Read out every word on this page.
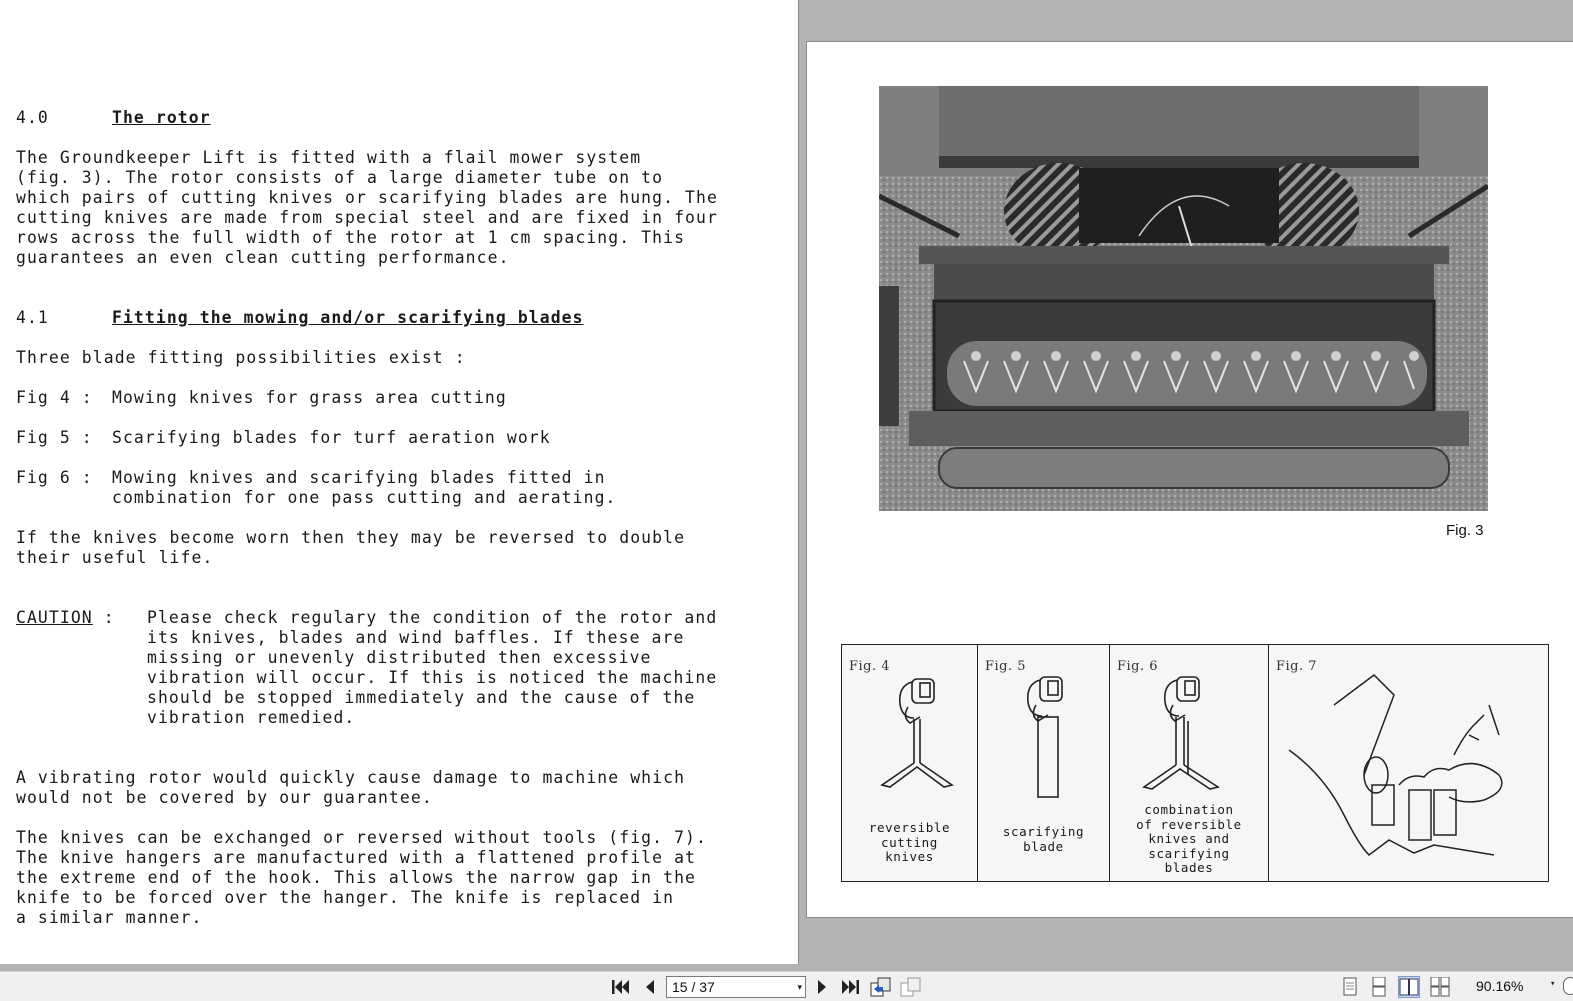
4.0	The rotor

The Groundkeeper Lift is fitted with a flail mower system
(fig. 3). The rotor consists of a large diameter tube on to
which pairs of cutting knives or scarifying blades are hung. The
cutting knives are made from special steel and are fixed in four
rows across the full width of the rotor at 1 cm spacing. This
guarantees an even clean cutting performance.

4.1	Fitting the mowing and/or scarifying blades

Three blade fitting possibilities exist :

Fig 4 :	Mowing knives for grass area cutting

Fig 5 :	Scarifying blades for turf aeration work

Fig 6 :	Mowing knives and scarifying blades fitted in
combination for one pass cutting and aerating.

If the knives become worn then they may be reversed to double
their useful life.

CAUTION :	Please check regulary the condition of the rotor and
its knives, blades and wind baffles. If these are
missing or unevenly distributed then excessive
vibration will occur. If this is noticed the machine
should be stopped immediately and the cause of the
vibration remedied.

A vibrating rotor would quickly cause damage to machine which
would not be covered by our guarantee.

The knives can be exchanged or reversed without tools (fig. 7).
The knive hangers are manufactured with a flattened profile at
the extreme end of the hook. This allows the narrow gap in the
knife to be forced over the hanger. The knife is replaced in
a similar manner.

Fig. 3
Fig. 4
reversible
cutting
knives
Fig. 5
scarifying
blade
Fig. 6
combination
of reversible
knives and
scarifying
blades
Fig. 7
15 / 37	▾	90.16%	▾
